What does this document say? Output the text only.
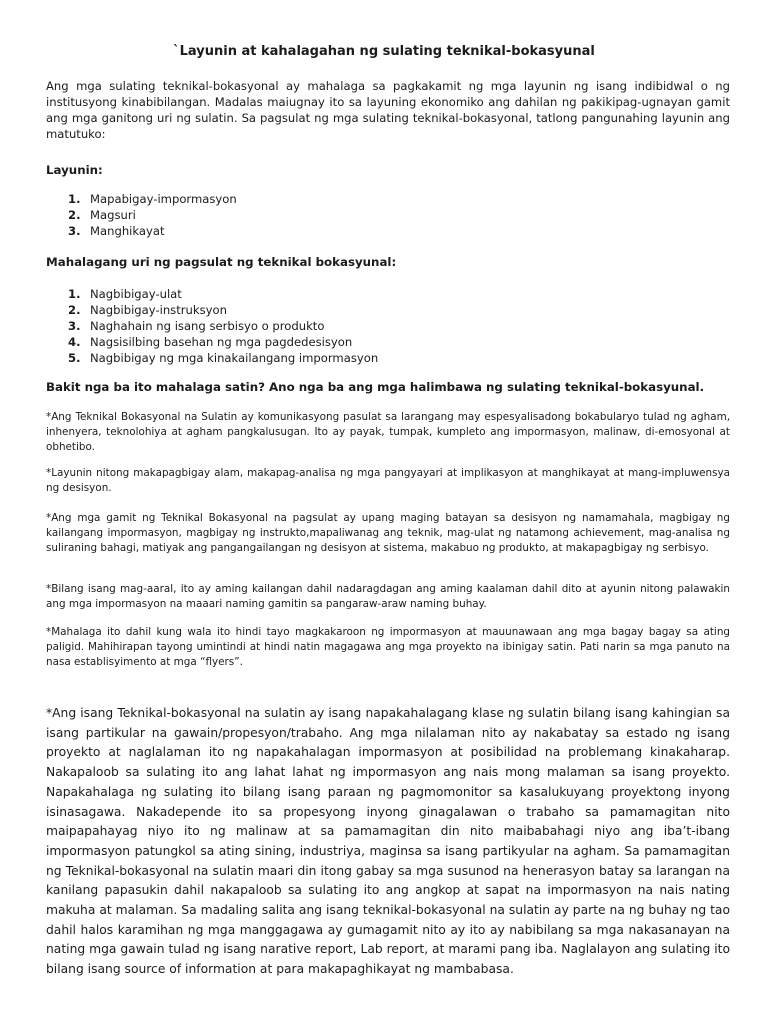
`Layunin at kahalagahan ng sulating teknikal-bokasyunal

Ang mga sulating teknikal-bokasyonal ay mahalaga sa pagkakamit ng mga layunin ng isang indibidwal o ng institusyong kinabibilangan. Madalas maiugnay ito sa layuning ekonomiko ang dahilan ng pakikipag-ugnayan gamit ang mga ganitong uri ng sulatin. Sa pagsulat ng mga sulating teknikal-bokasyonal, tatlong pangunahing layunin ang matutuko:

Layunin:
1. Mapabigay-impormasyon
2. Magsuri
3. Manghikayat
Mahalagang uri ng pagsulat ng teknikal bokasyunal:
1. Nagbibigay-ulat
2. Nagbibigay-instruksyon
3. Naghahain ng isang serbisyo o produkto
4. Nagsisilbing basehan ng mga pagdedesisyon
5. Nagbibigay ng mga kinakailangang impormasyon
Bakit nga ba ito mahalaga satin? Ano nga ba ang mga halimbawa ng sulating teknikal-bokasyunal.

*Ang Teknikal Bokasyonal na Sulatin ay komunikasyong pasulat sa larangang may espesyalisadong bokabularyo tulad ng agham, inhenyera, teknolohiya at agham pangkalusugan. Ito ay payak, tumpak, kumpleto ang impormasyon, malinaw, di-emosyonal at obhetibo.

*Layunin nitong makapagbigay alam, makapag-analisa ng mga pangyayari at implikasyon at manghikayat at mang-impluwensya ng desisyon.

*Ang mga gamit ng Teknikal Bokasyonal na pagsulat ay upang maging batayan sa desisyon ng namamahala, magbigay ng kailangang impormasyon, magbigay ng instrukto,mapaliwanag ang teknik, mag-ulat ng natamong achievement, mag-analisa ng suliraning bahagi, matiyak ang pangangailangan ng desisyon at sistema, makabuo ng produkto, at makapagbigay ng serbisyo.

*Bilang isang mag-aaral, ito ay aming kailangan dahil nadaragdagan ang aming kaalaman dahil dito at ayunin nitong palawakin ang mga impormasyon na maaari naming gamitin sa pangaraw-araw naming buhay.

*Mahalaga ito dahil kung wala ito hindi tayo magkakaroon ng impormasyon at mauunawaan ang mga bagay bagay sa ating paligid. Mahihirapan tayong umintindi at hindi natin magagawa ang mga proyekto na ibinigay satin. Pati narin sa mga panuto na nasa establisyimento at mga “flyers”.

*Ang isang Teknikal-bokasyonal na sulatin ay isang napakahalagang klase ng sulatin bilang isang kahingian sa isang partikular na gawain/propesyon/trabaho. Ang mga nilalaman nito ay nakabatay sa estado ng isang proyekto at naglalaman ito ng napakahalagan impormasyon at posibilidad na problemang kinakaharap. Nakapaloob sa sulating ito ang lahat lahat ng impormasyon ang nais mong malaman sa isang proyekto. Napakahalaga ng sulating ito bilang isang paraan ng pagmomonitor sa kasalukuyang proyektong inyong isinasagawa. Nakadepende ito sa propesyong inyong ginagalawan o trabaho sa pamamagitan nito maipapahayag niyo ito ng malinaw at sa pamamagitan din nito maibabahagi niyo ang iba’t-ibang impormasyon patungkol sa ating sining, industriya, maginsa sa isang partikyular na agham. Sa pamamagitan ng Teknikal-bokasyonal na sulatin maari din itong gabay sa mga susunod na henerasyon batay sa larangan na kanilang papasukin dahil nakapaloob sa sulating ito ang angkop at sapat na impormasyon na nais nating makuha at malaman. Sa madaling salita ang isang teknikal-bokasyonal na sulatin ay parte na ng buhay ng tao dahil halos karamihan ng mga manggagawa ay gumagamit nito ay ito ay nabibilang sa mga nakasanayan na nating mga gawain tulad ng isang narative report, Lab report, at marami pang iba. Naglalayon ang sulating ito bilang isang source of information at para makapaghikayat ng mambabasa.
